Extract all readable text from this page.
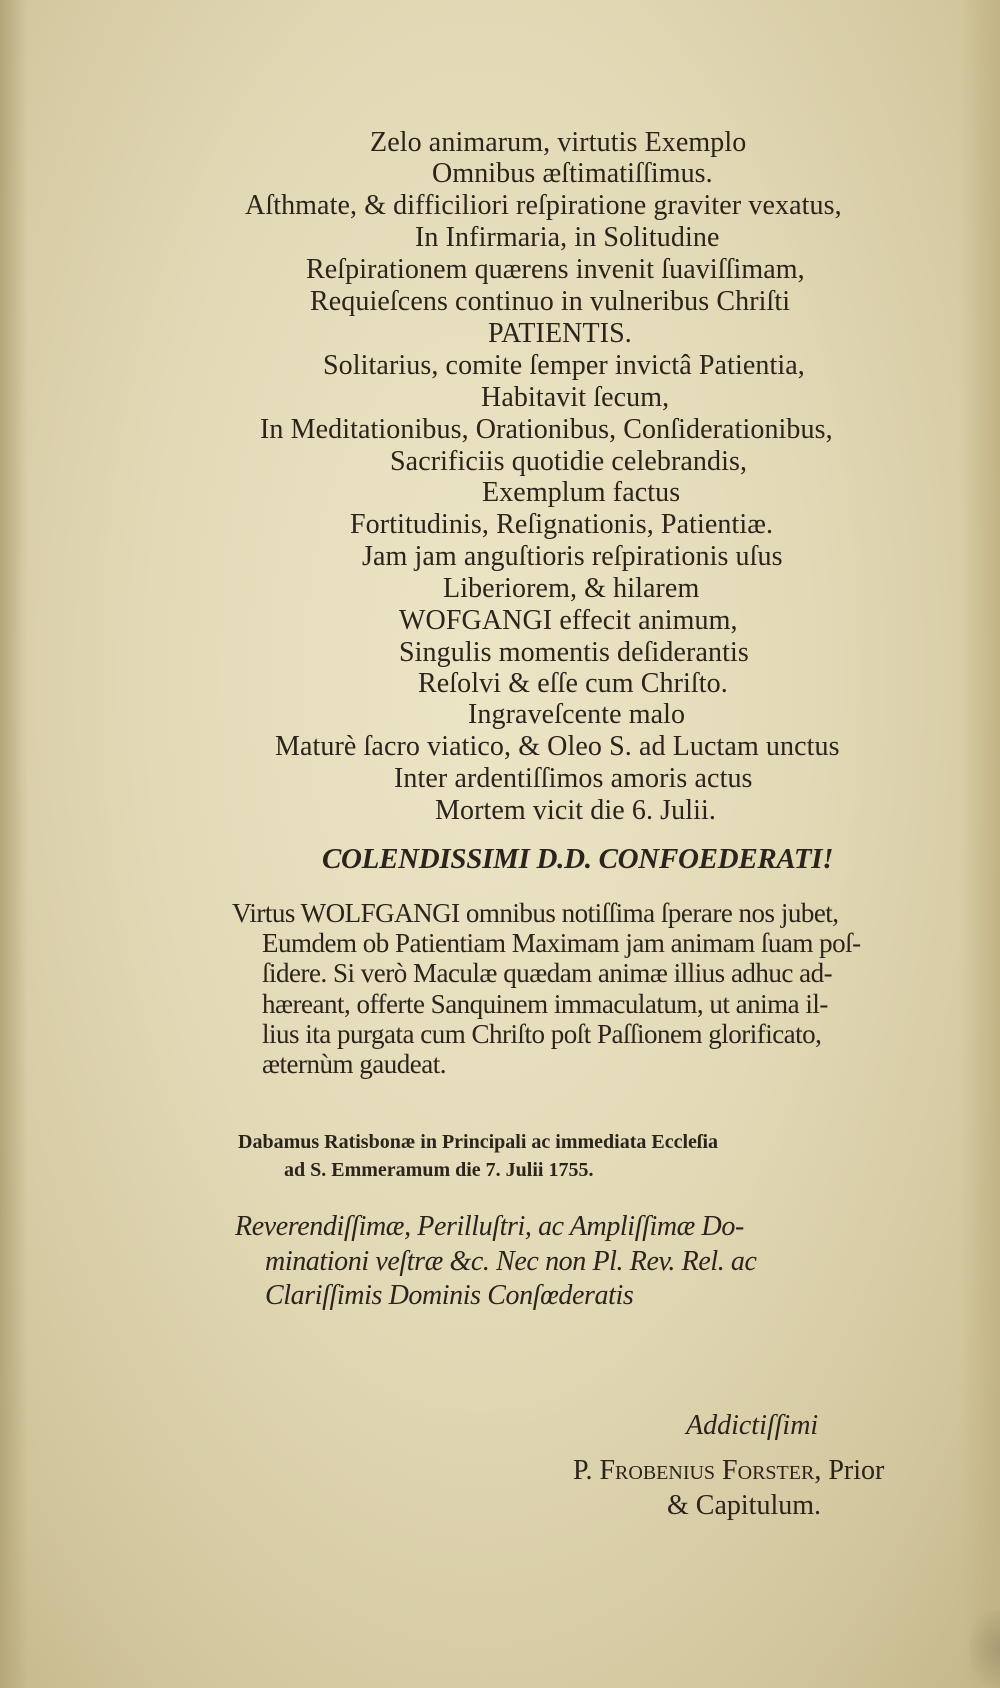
Zelo animarum, virtutis Exemplo
Omnibus æſtimatiſſimus.
Aſthmate, & difficiliori reſpiratione graviter vexatus,
In Infirmaria, in Solitudine
Reſpirationem quærens invenit ſuaviſſimam,
Requieſcens continuo in vulneribus Chriſti
PATIENTIS.
Solitarius, comite ſemper invictâ Patientia,
Habitavit ſecum,
In Meditationibus, Orationibus, Conſiderationibus,
Sacrificiis quotidie celebrandis,
Exemplum factus
Fortitudinis, Reſignationis, Patientiæ.
Jam jam anguſtioris reſpirationis uſus
Liberiorem, & hilarem
WOFGANGI effecit animum,
Singulis momentis deſiderantis
Reſolvi & eſſe cum Chriſto.
Ingraveſcente malo
Maturè ſacro viatico, & Oleo S. ad Luctam unctus
Inter ardentiſſimos amoris actus
Mortem vicit die 6. Julii.
COLENDISSIMI D.D. CONFOEDERATI!
Virtus WOLFGANGI omnibus notiſſima ſperare nos jubet,
Eumdem ob Patientiam Maximam jam animam ſuam poſ-
ſidere. Si verò Maculæ quædam animæ illius adhuc ad-
hæreant, offerte Sanquinem immaculatum, ut anima il-
lius ita purgata cum Chriſto poſt Paſſionem glorificato,
æternùm gaudeat.
Dabamus Ratisbonæ in Principali ac immediata Eccleſia
ad S. Emmeramum die 7. Julii 1755.
Reverendiſſimæ, Perilluſtri, ac Ampliſſimæ Do-
minationi veſtræ &c. Nec non Pl. Rev. Rel. ac
Clariſſimis Dominis Conſœderatis
Addictiſſimi
P. Frobenius Forster, Prior
& Capitulum.
